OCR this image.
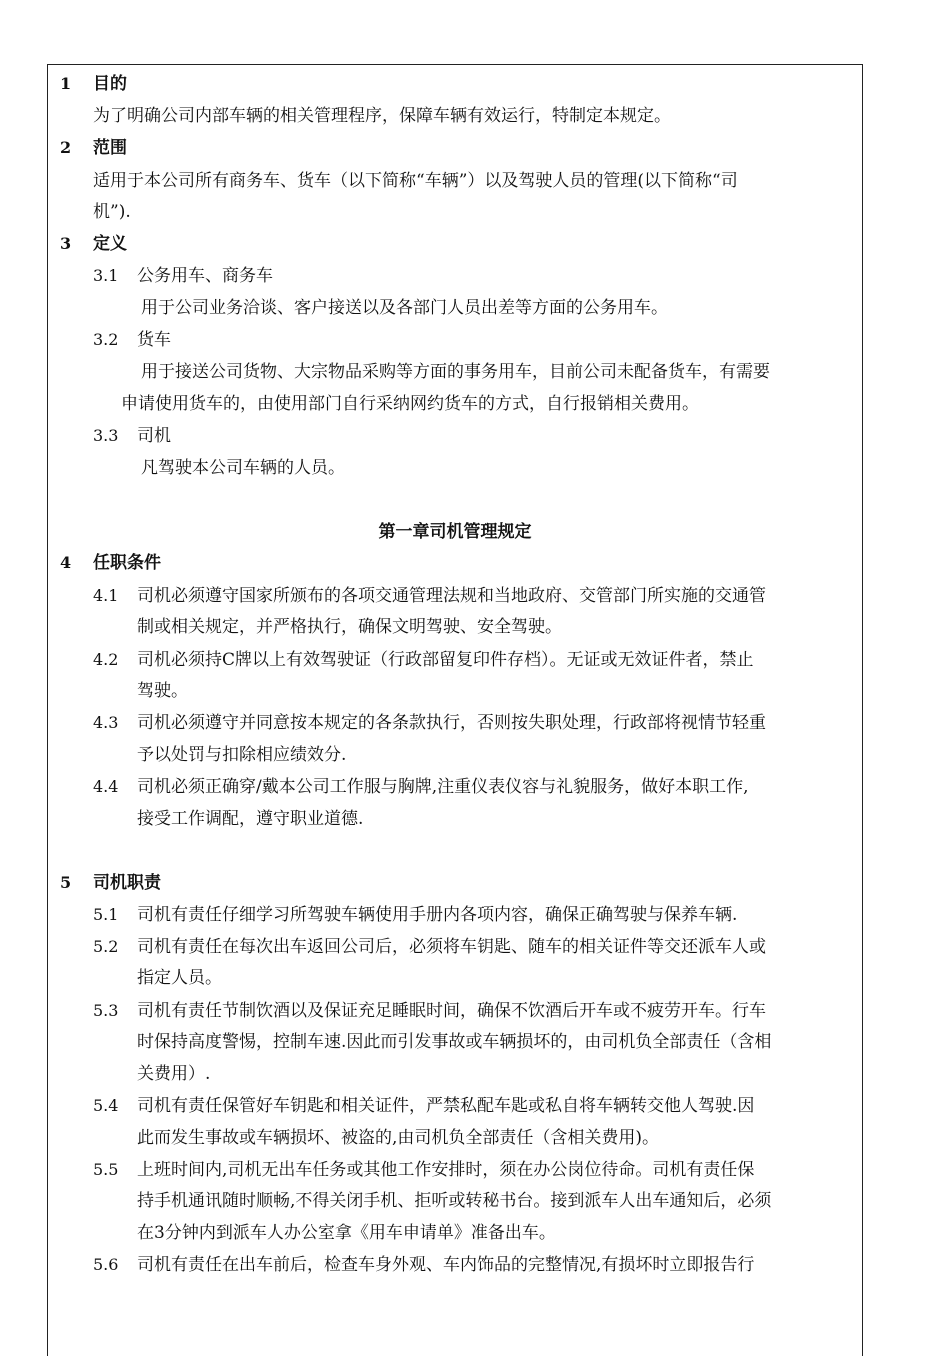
1 目的
为了明确公司内部车辆的相关管理程序，保障车辆有效运行，特制定本规定。
2 范围
适用于本公司所有商务车、货车（以下简称“车辆”）以及驾驶人员的管理(以下简称“司
机”).
3 定义
3.1 公务用车、商务车
用于公司业务洽谈、客户接送以及各部门人员出差等方面的公务用车。
3.2 货车
用于接送公司货物、大宗物品采购等方面的事务用车，目前公司未配备货车，有需要
申请使用货车的，由使用部门自行采纳网约货车的方式，自行报销相关费用。
3.3 司机
凡驾驶本公司车辆的人员。
第一章司机管理规定
4 任职条件
4.1 司机必须遵守国家所颁布的各项交通管理法规和当地政府、交管部门所实施的交通管
制或相关规定，并严格执行，确保文明驾驶、安全驾驶。
4.2 司机必须持C牌以上有效驾驶证（行政部留复印件存档）。无证或无效证件者，禁止
驾驶。
4.3 司机必须遵守并同意按本规定的各条款执行，否则按失职处理，行政部将视情节轻重
予以处罚与扣除相应绩效分.
4.4 司机必须正确穿/戴本公司工作服与胸牌,注重仪表仪容与礼貌服务，做好本职工作,
接受工作调配，遵守职业道德.
5 司机职责
5.1 司机有责任仔细学习所驾驶车辆使用手册内各项内容，确保正确驾驶与保养车辆.
5.2 司机有责任在每次出车返回公司后，必须将车钥匙、随车的相关证件等交还派车人或
指定人员。
5.3 司机有责任节制饮酒以及保证充足睡眠时间，确保不饮酒后开车或不疲劳开车。行车
时保持高度警惕，控制车速.因此而引发事故或车辆损坏的，由司机负全部责任（含相
关费用）.
5.4 司机有责任保管好车钥匙和相关证件，严禁私配车匙或私自将车辆转交他人驾驶.因
此而发生事故或车辆损坏、被盗的,由司机负全部责任（含相关费用)。
5.5 上班时间内,司机无出车任务或其他工作安排时，须在办公岗位待命。司机有责任保
持手机通讯随时顺畅,不得关闭手机、拒听或转秘书台。接到派车人出车通知后，必须
在3分钟内到派车人办公室拿《用车申请单》准备出车。
5.6 司机有责任在出车前后，检查车身外观、车内饰品的完整情况,有损坏时立即报告行
